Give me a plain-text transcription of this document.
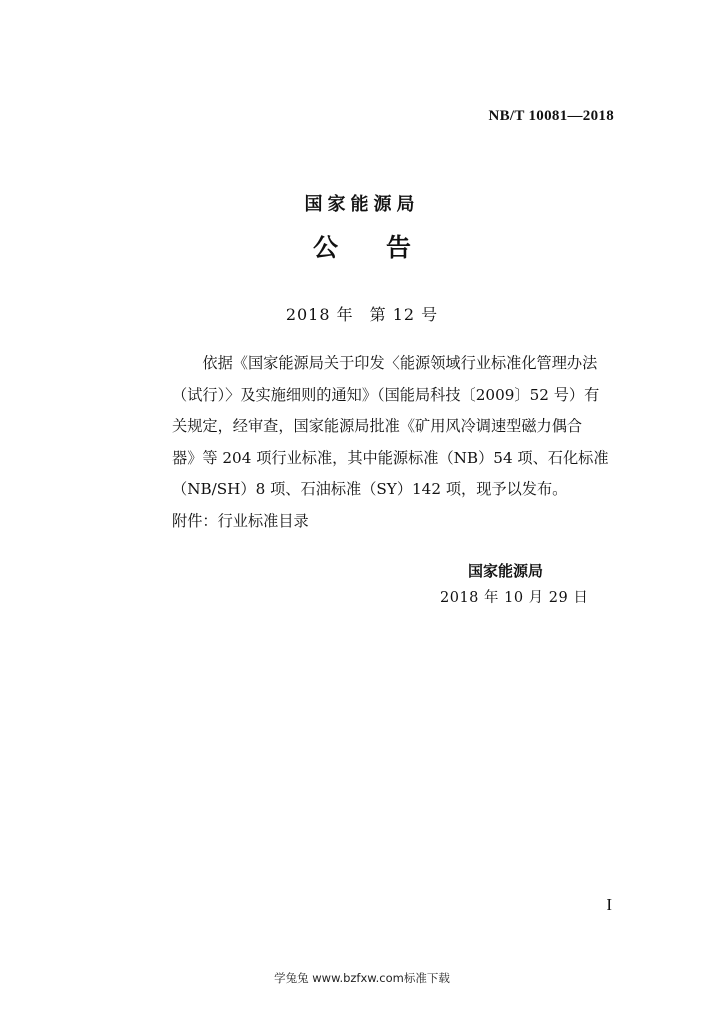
NB/T 10081—2018
国家能源局
公 告
2018 年 第 12 号

依据《国家能源局关于印发〈能源领域行业标准化管理办法
（试行）〉及实施细则的通知》（国能局科技〔2009〕52 号）有
关规定，经审查，国家能源局批准《矿用风冷调速型磁力偶合
器》等 204 项行业标准，其中能源标准（NB）54 项、石化标准
（NB/SH）8 项、石油标准（SY）142 项，现予以发布。

附件：行业标准目录
国家能源局
2018 年 10 月 29 日
I
学兔兔 www.bzfxw.com标准下载
